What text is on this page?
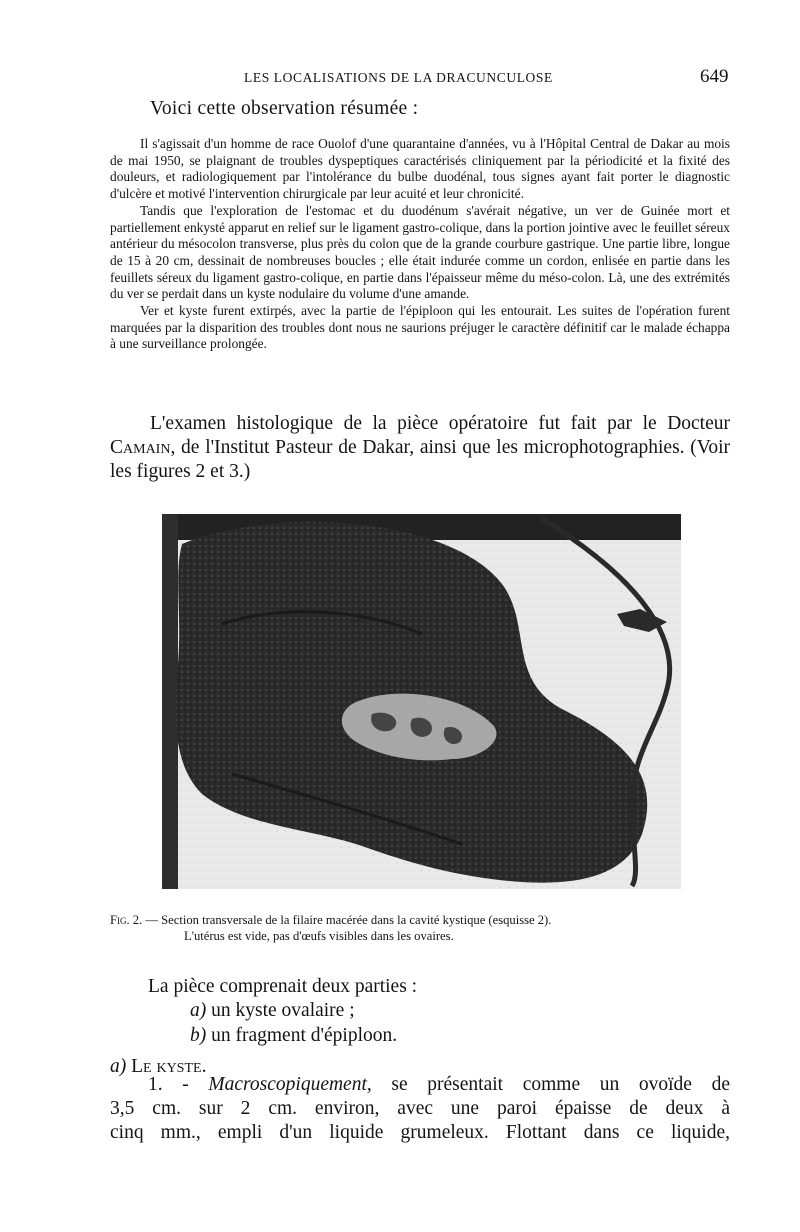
LES LOCALISATIONS DE LA DRACUNCULOSE	649
Voici cette observation résumée :

Il s'agissait d'un homme de race Ouolof d'une quarantaine d'années, vu à l'Hôpital Central de Dakar au mois de mai 1950, se plaignant de troubles dyspeptiques caractérisés cliniquement par la périodicité et la fixité des douleurs, et radiologiquement par l'intolérance du bulbe duodénal, tous signes ayant fait porter le diagnostic d'ulcère et motivé l'intervention chirurgicale par leur acuité et leur chronicité.

Tandis que l'exploration de l'estomac et du duodénum s'avérait négative, un ver de Guinée mort et partiellement enkysté apparut en relief sur le ligament gastro-colique, dans la portion jointive avec le feuillet séreux antérieur du mésocolon transverse, plus près du colon que de la grande courbure gastrique. Une partie libre, longue de 15 à 20 cm, dessinait de nombreuses boucles ; elle était indurée comme un cordon, enlisée en partie dans les feuillets séreux du ligament gastro-colique, en partie dans l'épaisseur même du méso-colon. Là, une des extrémités du ver se perdait dans un kyste nodulaire du volume d'une amande.

Ver et kyste furent extirpés, avec la partie de l'épiploon qui les entourait. Les suites de l'opération furent marquées par la disparition des troubles dont nous ne saurions préjuger le caractère définitif car le malade échappa à une surveillance prolongée.

L'examen histologique de la pièce opératoire fut fait par le Docteur Camain, de l'Institut Pasteur de Dakar, ainsi que les microphotographies. (Voir les figures 2 et 3.)

Fig. 2. — Section transversale de la filaire macérée dans la cavité kystique (esquisse 2).
L'utérus est vide, pas d'œufs visibles dans les ovaires.
La pièce comprenait deux parties :
a) un kyste ovalaire ;
b) un fragment d'épiploon.
a) Le kyste.
1. - Macroscopiquement, se présentait comme un ovoïde de
3,5 cm. sur 2 cm. environ, avec une paroi épaisse de deux à
cinq mm., empli d'un liquide grumeleux. Flottant dans ce liquide,
